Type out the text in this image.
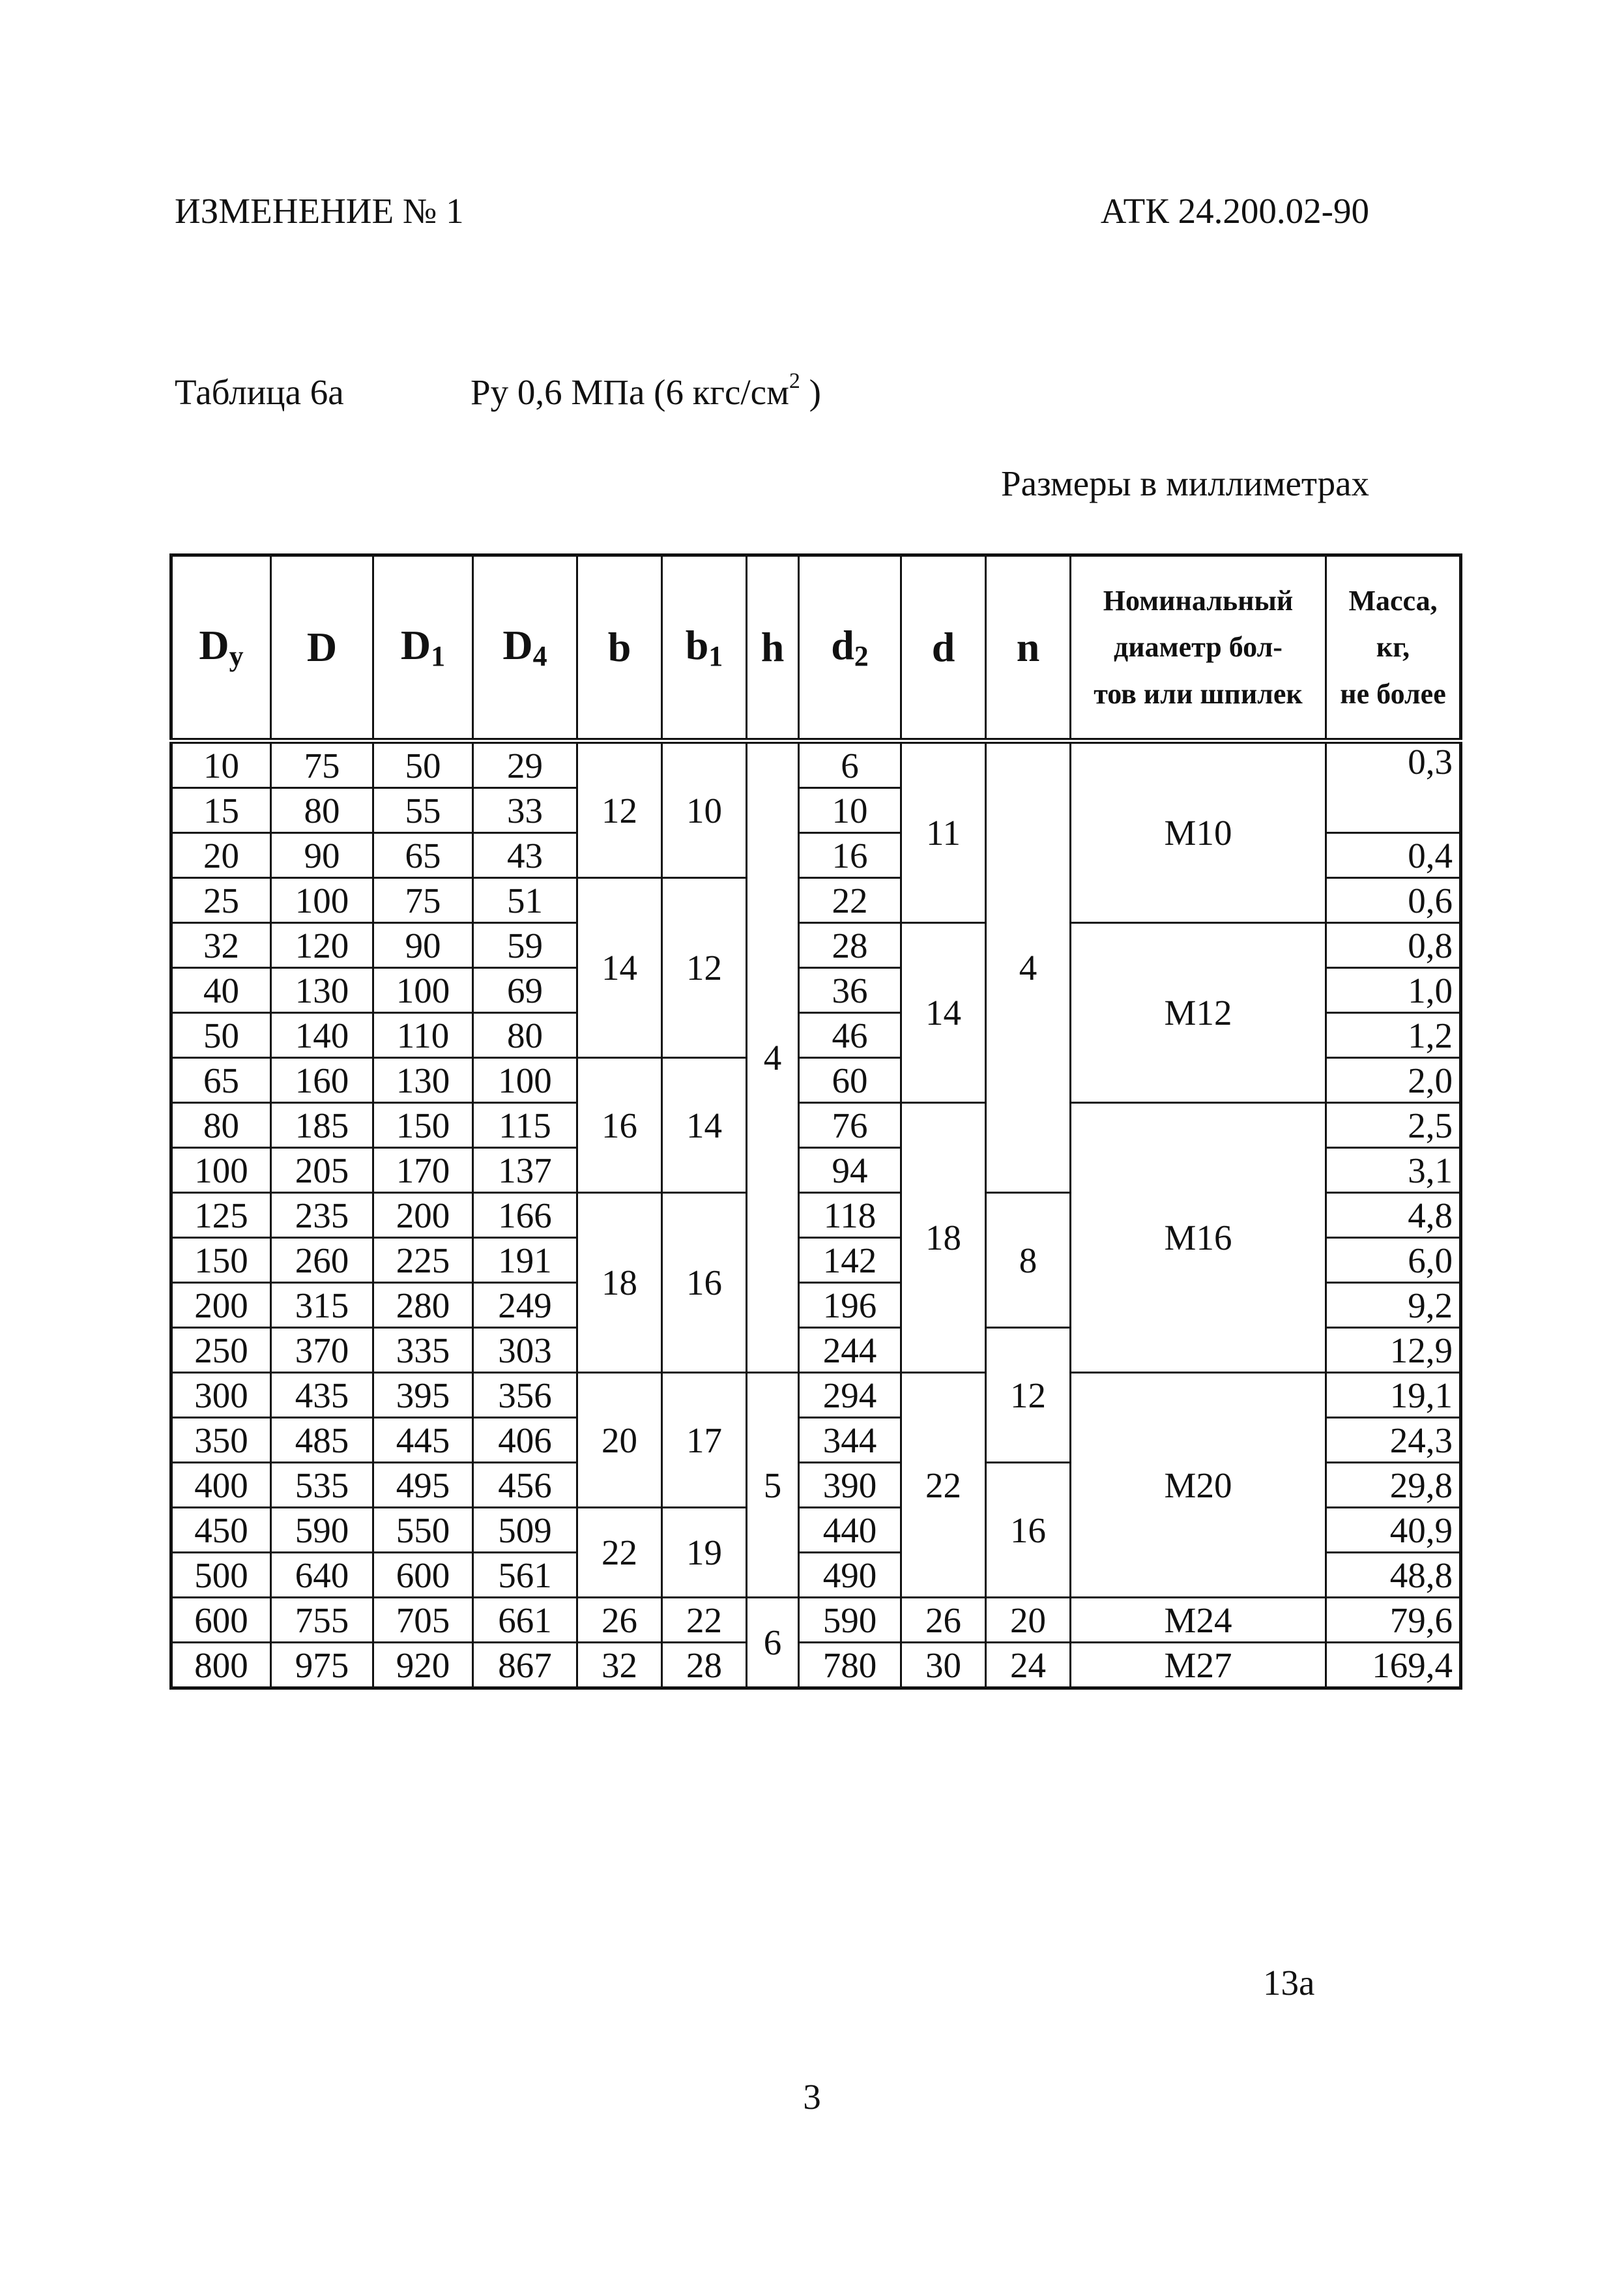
ИЗМЕНЕНИЕ № 1	АТК 24.200.02-90
Таблица 6а	Ру 0,6 МПа (6 кгс/$см^2$ )
Размеры в миллиметрах
$D_y$	D	$D_1$	$D_4$	b	$b_1$	h	$d_2$	d	n	Номинальный
диаметр бол-
тов или шпилек	Масса,
кг,
не более
10	75	50	29	12	10	4	6	11	4	М10	0,3
15	80	55	33				10				
20	90	65	43				16				0,4
25	100	75	51	14	12		22				0,6
32	120	90	59				28	14		М12	0,8
40	130	100	69				36				1,0
50	140	110	80				46				1,2
65	160	130	100	16	14		60				2,0
80	185	150	115				76	18		М16	2,5
100	205	170	137				94				3,1
125	235	200	166	18	16		118		8		4,8
150	260	225	191				142				6,0
200	315	280	249				196				9,2
250	370	335	303				244		12		12,9
300	435	395	356	20	17	5	294	22		М20	19,1
350	485	445	406				344				24,3
400	535	495	456				390		16		29,8
450	590	550	509	22	19		440				40,9
500	640	600	561				490				48,8
600	755	705	661	26	22	6	590	26	20	М24	79,6
800	975	920	867	32	28		780	30	24	М27	169,4
13а
3
